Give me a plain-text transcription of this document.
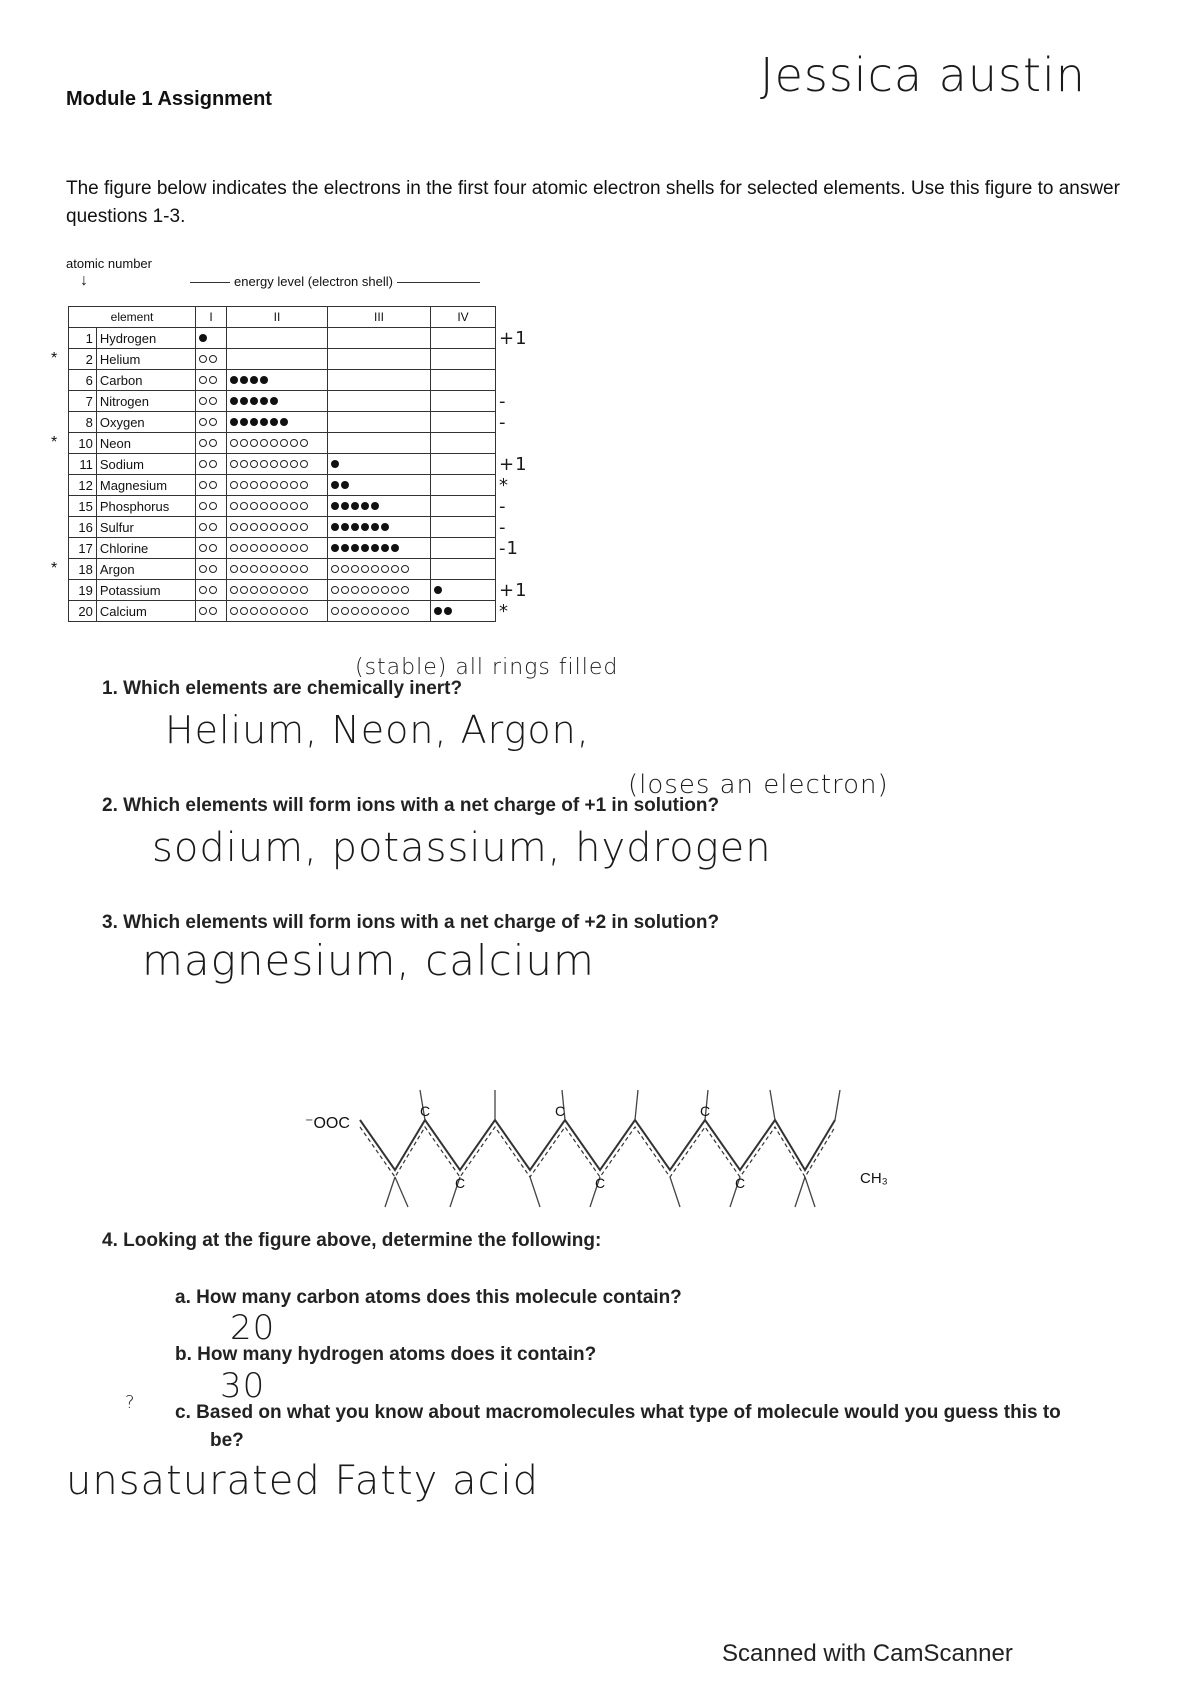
Jessica austin
Module 1 Assignment
The figure below indicates the electrons in the first four atomic electron shells for selected elements. Use this figure to answer questions 1-3.
atomic number
↓	energy level (electron shell)
	element		I	II	III	IV	
	1	Hydrogen					+1
*	2	Helium	

	6	Carbon	

	7	Nitrogen					-
	8	Oxygen					-
*	10	Neon	

	11	Sodium					+1
	12	Magnesium					*
	15	Phosphorus					-
	16	Sulfur					-
	17	Chlorine					-1
*	18	Argon	

	19	Potassium					+1
	20	Calcium					*
(stable) all rings filled
1. Which elements are chemically inert?
Helium, Neon, Argon,
(loses an electron)
2. Which elements will form ions with a net charge of +1 in solution?
sodium, potassium, hydrogen
3. Which elements will form ions with a net charge of +2 in solution?
magnesium, calcium
⁻OOC
CH₃
C	C	C
C	C	C
4. Looking at the figure above, determine the following:
a. How many carbon atoms does this molecule contain?
20
b. How many hydrogen atoms does it contain?
30
? c. Based on what you know about macromolecules what type of molecule would you guess this to
be?
unsaturated Fatty acid
Scanned with CamScanner
